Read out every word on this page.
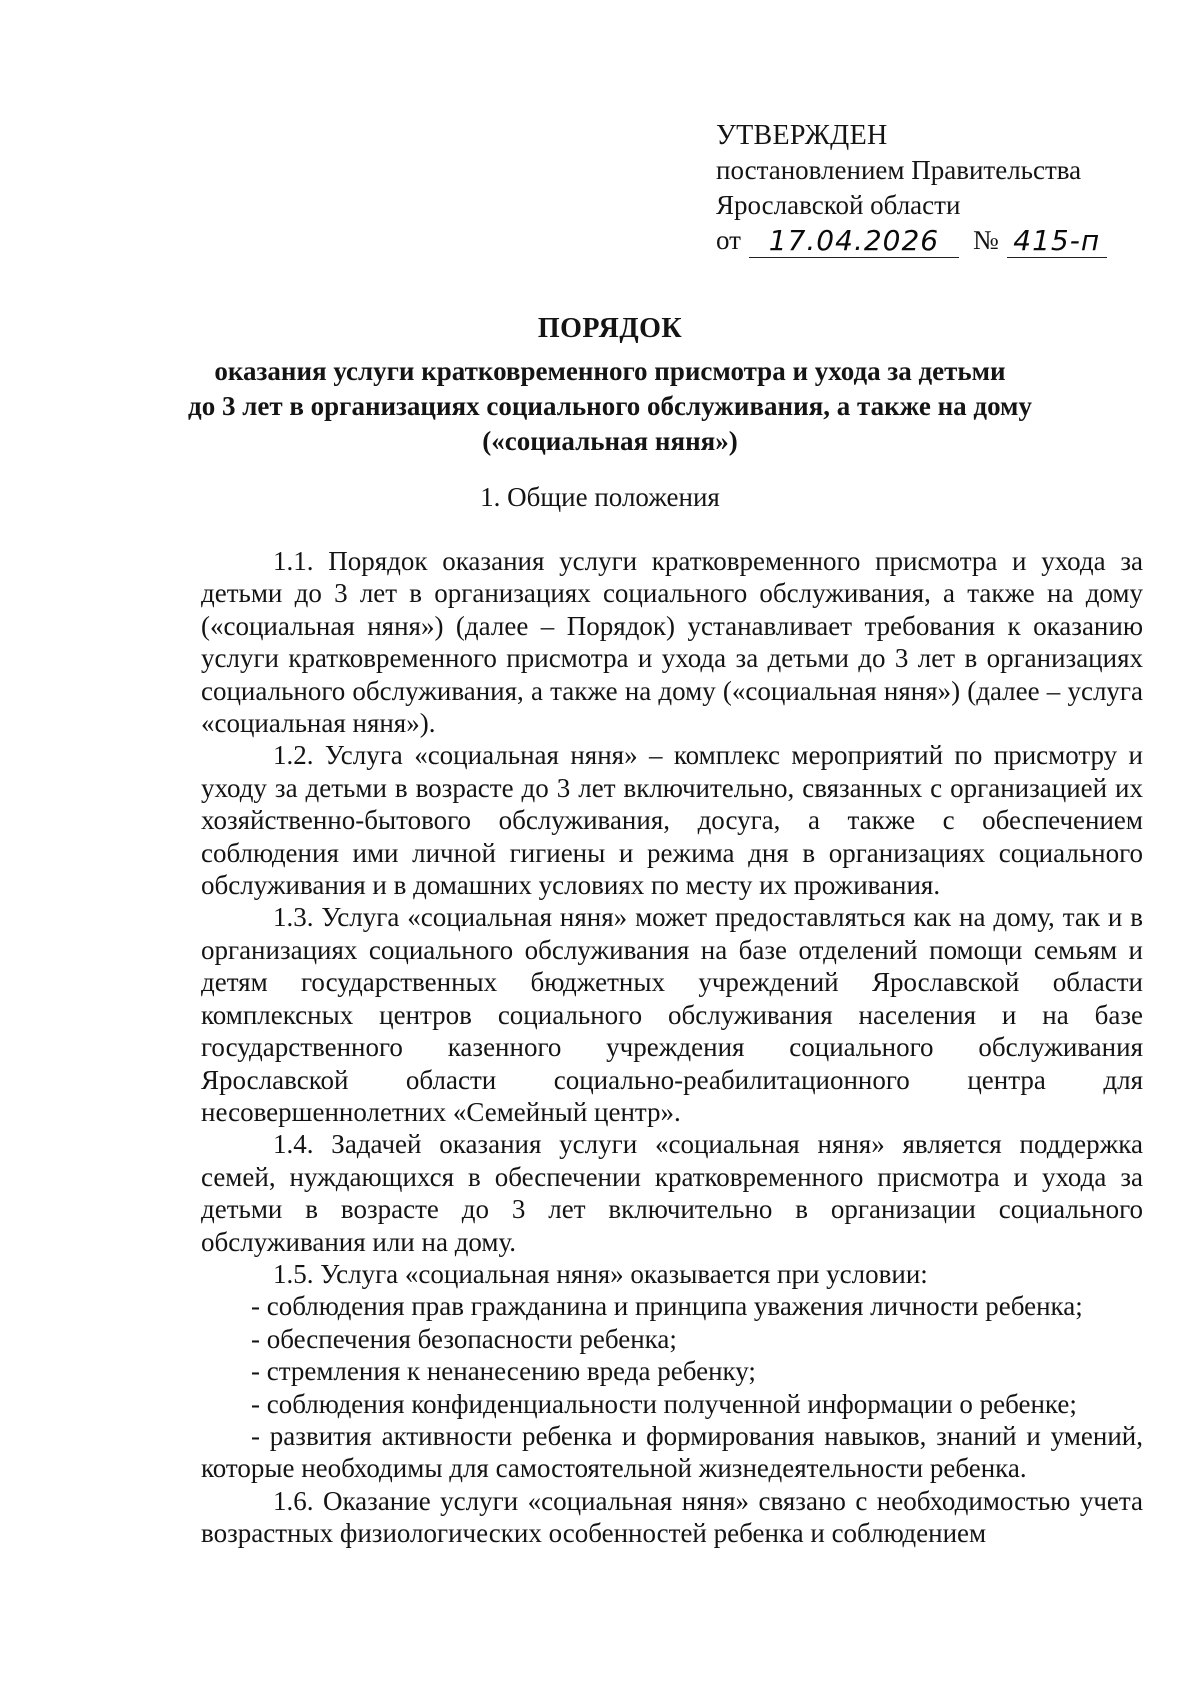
УТВЕРЖДЕН
постановлением Правительства
Ярославской области
от 17.04.2026	№ 415-п
ПОРЯДОК
оказания услуги кратковременного присмотра и ухода за детьми
до 3 лет в организациях социального обслуживания, а также на дому
(«социальная няня»)
1. Общие положения

1.1. Порядок оказания услуги кратковременного присмотра и ухода за детьми до 3 лет в организациях социального обслуживания, а также на дому («социальная няня») (далее – Порядок) устанавливает требования к оказанию услуги кратковременного присмотра и ухода за детьми до 3 лет в организациях социального обслуживания, а также на дому («социальная няня») (далее – услуга «социальная няня»).

1.2. Услуга «социальная няня» – комплекс мероприятий по присмотру и уходу за детьми в возрасте до 3 лет включительно, связанных с организацией их хозяйственно-бытового обслуживания, досуга, а также с обеспечением соблюдения ими личной гигиены и режима дня в организациях социального обслуживания и в домашних условиях по месту их проживания.

1.3. Услуга «социальная няня» может предоставляться как на дому, так и в организациях социального обслуживания на базе отделений помощи семьям и детям государственных бюджетных учреждений Ярославской области комплексных центров социального обслуживания населения и на базе государственного казенного учреждения социального обслуживания Ярославской области социально-реабилитационного центра для несовершеннолетних «Семейный центр».

1.4. Задачей оказания услуги «социальная няня» является поддержка семей, нуждающихся в обеспечении кратковременного присмотра и ухода за детьми в возрасте до 3 лет включительно в организации социального обслуживания или на дому.

1.5. Услуга «социальная няня» оказывается при условии:

- соблюдения прав гражданина и принципа уважения личности ребенка;

- обеспечения безопасности ребенка;

- стремления к ненанесению вреда ребенку;

- соблюдения конфиденциальности полученной информации о ребенке;

- развития активности ребенка и формирования навыков, знаний и умений, которые необходимы для самостоятельной жизнедеятельности ребенка.

1.6. Оказание услуги «социальная няня» связано с необходимостью учета возрастных физиологических особенностей ребенка и соблюдением
